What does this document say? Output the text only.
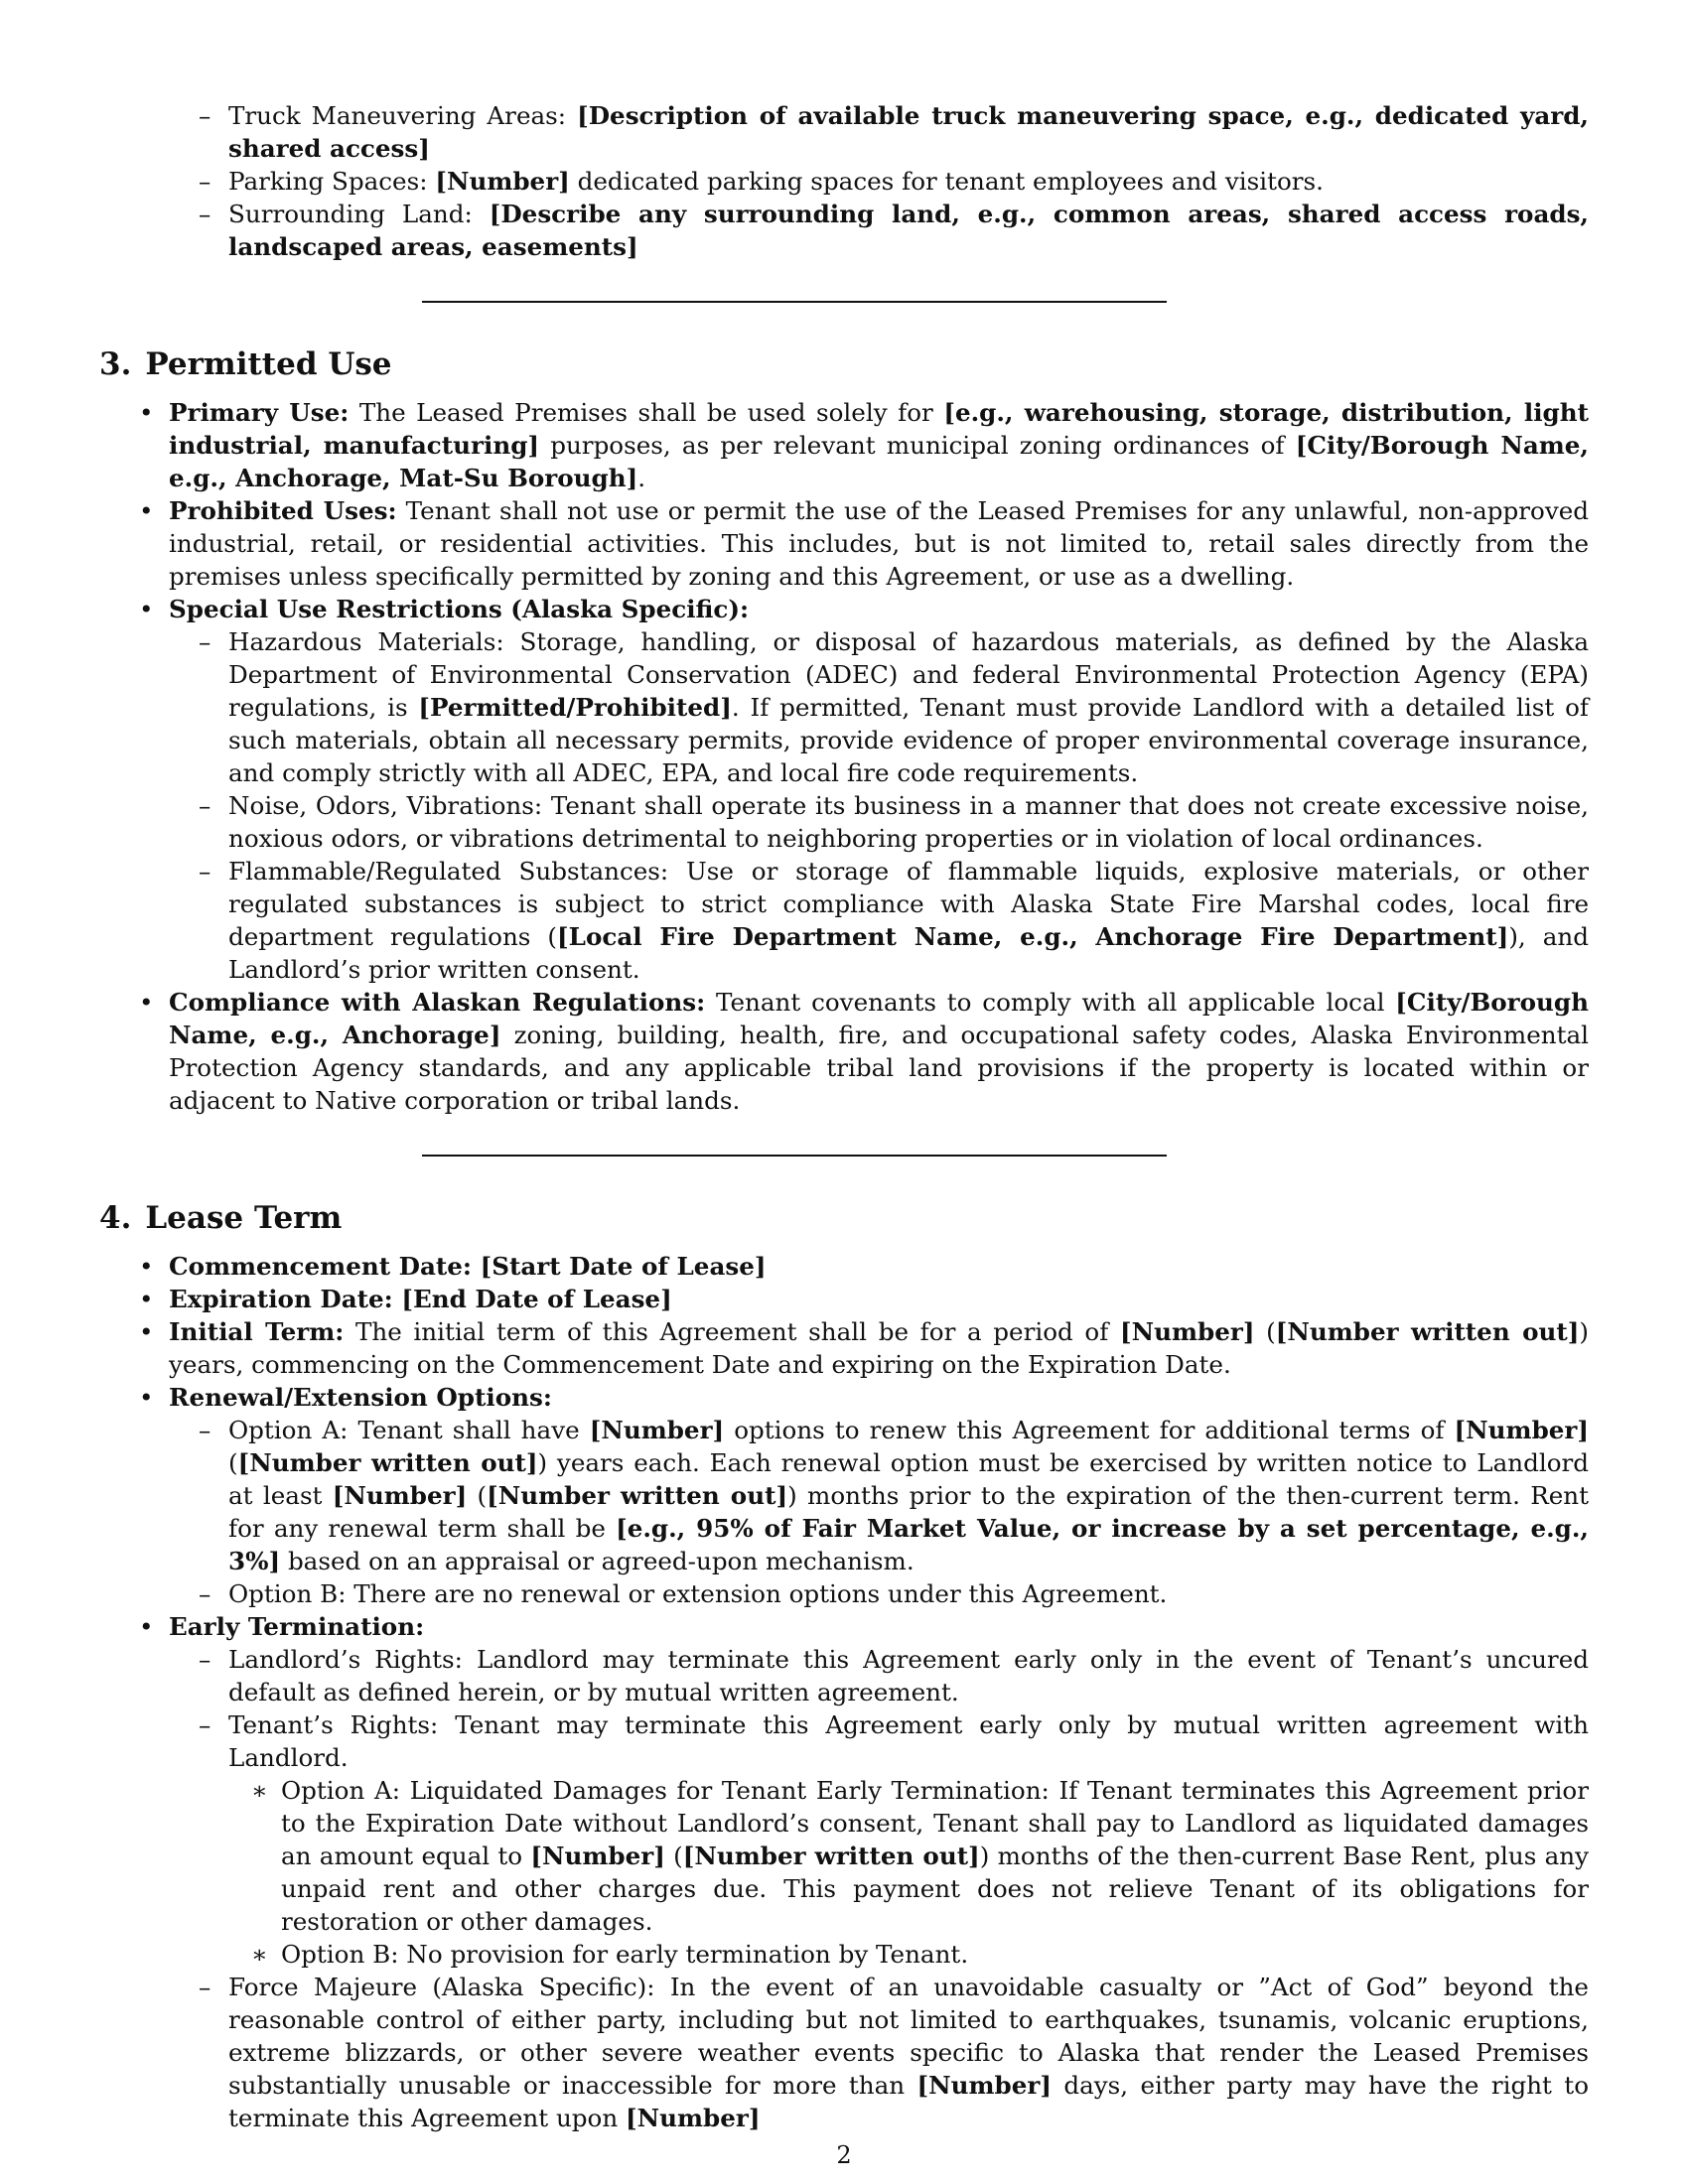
– Truck Maneuvering Areas: [Description of available truck maneuvering space, e.g., dedicated yard, shared access]
– Parking Spaces: [Number] dedicated parking spaces for tenant employees and visitors.
– Surrounding Land: [Describe any surrounding land, e.g., common areas, shared access roads, landscaped areas, easements]
3. Permitted Use
• Primary Use: The Leased Premises shall be used solely for [e.g., warehousing, storage, distribution, light industrial, manufacturing] purposes, as per relevant municipal zoning ordinances of [City/Borough Name, e.g., Anchorage, Mat-Su Borough].
• Prohibited Uses: Tenant shall not use or permit the use of the Leased Premises for any unlawful, non-approved industrial, retail, or residential activities. This includes, but is not limited to, retail sales directly from the premises unless specifically permitted by zoning and this Agreement, or use as a dwelling.
• Special Use Restrictions (Alaska Specific):
– Hazardous Materials: Storage, handling, or disposal of hazardous materials, as defined by the Alaska Department of Environmental Conservation (ADEC) and federal Environmental Protection Agency (EPA) regulations, is [Permitted/Prohibited]. If permitted, Tenant must provide Landlord with a detailed list of such materials, obtain all necessary permits, provide evidence of proper environmental coverage insurance, and comply strictly with all ADEC, EPA, and local fire code requirements.
– Noise, Odors, Vibrations: Tenant shall operate its business in a manner that does not create excessive noise, noxious odors, or vibrations detrimental to neighboring properties or in violation of local ordinances.
– Flammable/Regulated Substances: Use or storage of flammable liquids, explosive materials, or other regulated substances is subject to strict compliance with Alaska State Fire Marshal codes, local fire department regulations ([Local Fire Department Name, e.g., Anchorage Fire Department]), and Landlord’s prior written consent.
• Compliance with Alaskan Regulations: Tenant covenants to comply with all applicable local [City/Borough Name, e.g., Anchorage] zoning, building, health, fire, and occupational safety codes, Alaska Environmental Protection Agency standards, and any applicable tribal land provisions if the property is located within or adjacent to Native corporation or tribal lands.
4. Lease Term
• Commencement Date: [Start Date of Lease]
• Expiration Date: [End Date of Lease]
• Initial Term: The initial term of this Agreement shall be for a period of [Number] ([Number written out]) years, commencing on the Commencement Date and expiring on the Expiration Date.
• Renewal/Extension Options:
– Option A: Tenant shall have [Number] options to renew this Agreement for additional terms of [Number] ([Number written out]) years each. Each renewal option must be exercised by written notice to Landlord at least [Number] ([Number written out]) months prior to the expiration of the then-current term. Rent for any renewal term shall be [e.g., 95% of Fair Market Value, or increase by a set percentage, e.g., 3%] based on an appraisal or agreed-upon mechanism.
– Option B: There are no renewal or extension options under this Agreement.
• Early Termination:
– Landlord’s Rights: Landlord may terminate this Agreement early only in the event of Tenant’s uncured default as defined herein, or by mutual written agreement.
– Tenant’s Rights: Tenant may terminate this Agreement early only by mutual written agreement with Landlord.
∗ Option A: Liquidated Damages for Tenant Early Termination: If Tenant terminates this Agreement prior to the Expiration Date without Landlord’s consent, Tenant shall pay to Landlord as liquidated damages an amount equal to [Number] ([Number written out]) months of the then-current Base Rent, plus any unpaid rent and other charges due. This payment does not relieve Tenant of its obligations for restoration or other damages.
∗ Option B: No provision for early termination by Tenant.
– Force Majeure (Alaska Specific): In the event of an unavoidable casualty or ”Act of God” beyond the reasonable control of either party, including but not limited to earthquakes, tsunamis, volcanic eruptions, extreme blizzards, or other severe weather events specific to Alaska that render the Leased Premises substantially unusable or inaccessible for more than [Number] days, either party may have the right to terminate this Agreement upon [Number]
2
